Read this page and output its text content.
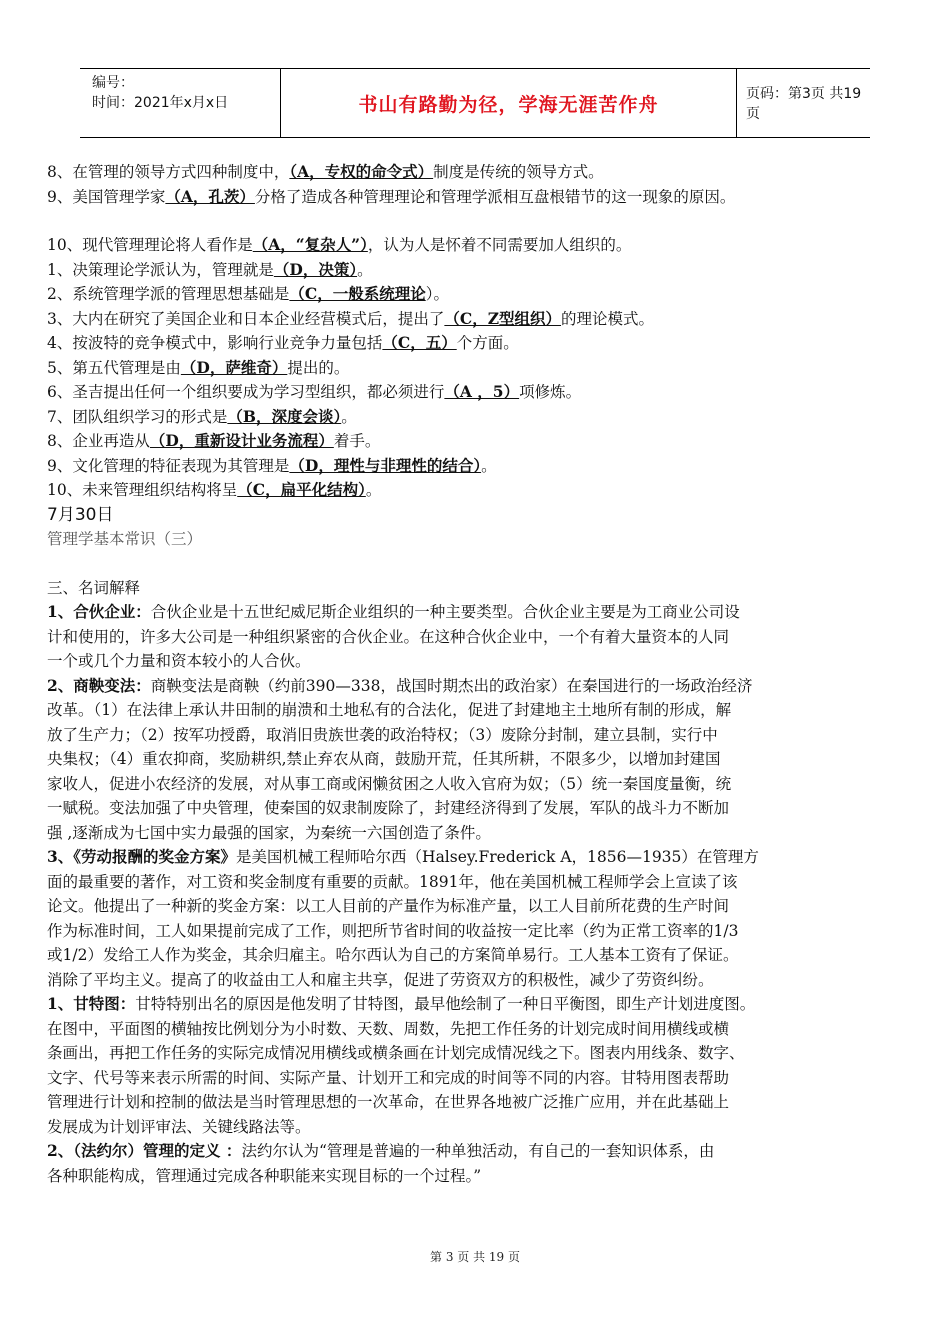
编号：
时间：2021年x月x日	书山有路勤为径，学海无涯苦作舟	页码：第3页 共19页
8、在管理的领导方式四种制度中，（A，专权的命令式）制度是传统的领导方式。
9、美国管理学家（A，孔茨）分格了造成各种管理理论和管理学派相互盘根错节的这一现象的原因。
10、现代管理理论将人看作是（A，“复杂人”），认为人是怀着不同需要加人组织的。
1、决策理论学派认为，管理就是（D，决策）。
2、系统管理学派的管理思想基础是（C，一般系统理论）。
3、大内在研究了美国企业和日本企业经营模式后，提出了（C，Z型组织）的理论模式。
4、按波特的竞争模式中，影响行业竞争力量包括（C，五）个方面。
5、第五代管理是由（D，萨维奇）提出的。
6、圣吉提出任何一个组织要成为学习型组织，都必须进行（A ，5）项修炼。
7、团队组织学习的形式是（B，深度会谈）。
8、企业再造从（D，重新设计业务流程）着手。
9、文化管理的特征表现为其管理是（D，理性与非理性的结合）。
10、未来管理组织结构将呈（C，扁平化结构）。
7月30日
管理学基本常识（三）
三、名词解释
1、合伙企业：合伙企业是十五世纪威尼斯企业组织的一种主要类型。合伙企业主要是为工商业公司设
计和使用的，许多大公司是一种组织紧密的合伙企业。在这种合伙企业中，一个有着大量资本的人同
一个或几个力量和资本较小的人合伙。
2、商鞅变法：商鞅变法是商鞅（约前390—338，战国时期杰出的政治家）在秦国进行的一场政治经济
改革。（1）在法律上承认井田制的崩溃和土地私有的合法化，促进了封建地主土地所有制的形成，解
放了生产力；（2）按军功授爵，取消旧贵族世袭的政治特权；（3）废除分封制，建立县制，实行中
央集权；（4）重农抑商，奖励耕织,禁止弃农从商，鼓励开荒，任其所耕，不限多少，以增加封建国
家收人，促进小农经济的发展，对从事工商或闲懒贫困之人收入官府为奴；（5）统一秦国度量衡，统
一赋税。变法加强了中央管理，使秦国的奴隶制废除了，封建经济得到了发展，军队的战斗力不断加
强 ,逐渐成为七国中实力最强的国家，为秦统一六国创造了条件。
3、《劳动报酬的奖金方案》是美国机械工程师哈尔西（Halsey.Frederick A，1856—1935）在管理方
面的最重要的著作，对工资和奖金制度有重要的贡献。1891年，他在美国机械工程师学会上宣读了该
论文。他提出了一种新的奖金方案：以工人目前的产量作为标准产量，以工人目前所花费的生产时间
作为标准时间，工人如果提前完成了工作，则把所节省时间的收益按一定比率（约为正常工资率的1/3
或1/2）发给工人作为奖金，其余归雇主。哈尔西认为自己的方案简单易行。工人基本工资有了保证。
消除了平均主义。提高了的收益由工人和雇主共享，促进了劳资双方的积极性，减少了劳资纠纷。
1、甘特图：甘特特别出名的原因是他发明了甘特图，最早他绘制了一种日平衡图，即生产计划进度图。
在图中，平面图的横轴按比例划分为小时数、天数、周数，先把工作任务的计划完成时间用横线或横
条画出，再把工作任务的实际完成情况用横线或横条画在计划完成情况线之下。图表内用线条、数字、
文字、代号等来表示所需的时间、实际产量、计划开工和完成的时间等不同的内容。甘特用图表帮助
管理进行计划和控制的做法是当时管理思想的一次革命，在世界各地被广泛推广应用，并在此基础上
发展成为计划评审法、关键线路法等。
2、（法约尔）管理的定义 ：法约尔认为“管理是普遍的一种单独活动，有自己的一套知识体系，由
各种职能构成，管理通过完成各种职能来实现目标的一个过程。”
第 3 页 共 19 页
